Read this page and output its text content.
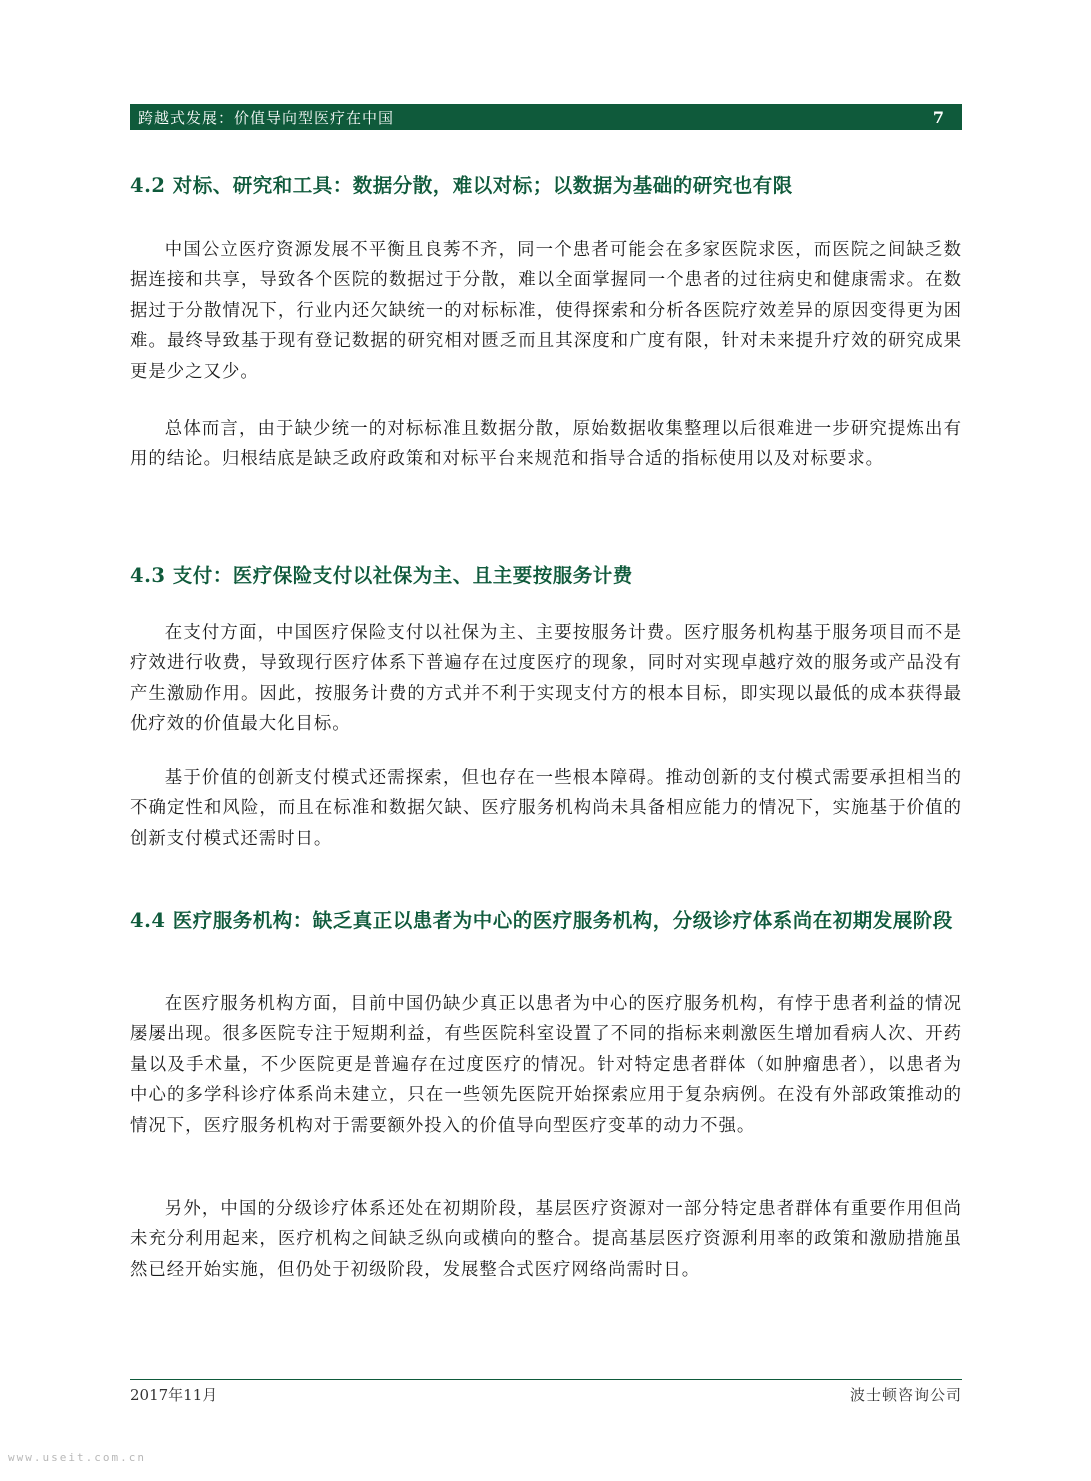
跨越式发展：价值导向型医疗在中国	7
4.2 对标、研究和工具：数据分散，难以对标；以数据为基础的研究也有限

中国公立医疗资源发展不平衡且良莠不齐，同一个患者可能会在多家医院求医，而医院之间缺乏数据连接和共享，导致各个医院的数据过于分散，难以全面掌握同一个患者的过往病史和健康需求。在数据过于分散情况下，行业内还欠缺统一的对标标准，使得探索和分析各医院疗效差异的原因变得更为困难。最终导致基于现有登记数据的研究相对匮乏而且其深度和广度有限，针对未来提升疗效的研究成果更是少之又少。

总体而言，由于缺少统一的对标标准且数据分散，原始数据收集整理以后很难进一步研究提炼出有用的结论。归根结底是缺乏政府政策和对标平台来规范和指导合适的指标使用以及对标要求。

4.3 支付：医疗保险支付以社保为主、且主要按服务计费

在支付方面，中国医疗保险支付以社保为主、主要按服务计费。医疗服务机构基于服务项目而不是疗效进行收费，导致现行医疗体系下普遍存在过度医疗的现象，同时对实现卓越疗效的服务或产品没有产生激励作用。因此，按服务计费的方式并不利于实现支付方的根本目标，即实现以最低的成本获得最优疗效的价值最大化目标。

基于价值的创新支付模式还需探索，但也存在一些根本障碍。推动创新的支付模式需要承担相当的不确定性和风险，而且在标准和数据欠缺、医疗服务机构尚未具备相应能力的情况下，实施基于价值的创新支付模式还需时日。

4.4 医疗服务机构：缺乏真正以患者为中心的医疗服务机构，分级诊疗体系尚在初期发展阶段

在医疗服务机构方面，目前中国仍缺少真正以患者为中心的医疗服务机构，有悖于患者利益的情况屡屡出现。很多医院专注于短期利益，有些医院科室设置了不同的指标来刺激医生增加看病人次、开药量以及手术量，不少医院更是普遍存在过度医疗的情况。针对特定患者群体（如肿瘤患者），以患者为中心的多学科诊疗体系尚未建立，只在一些领先医院开始探索应用于复杂病例。在没有外部政策推动的情况下，医疗服务机构对于需要额外投入的价值导向型医疗变革的动力不强。

另外，中国的分级诊疗体系还处在初期阶段，基层医疗资源对一部分特定患者群体有重要作用但尚未充分利用起来，医疗机构之间缺乏纵向或横向的整合。提高基层医疗资源利用率的政策和激励措施虽然已经开始实施，但仍处于初级阶段，发展整合式医疗网络尚需时日。

2017年11月	波士顿咨询公司
www.useit.com.cn
